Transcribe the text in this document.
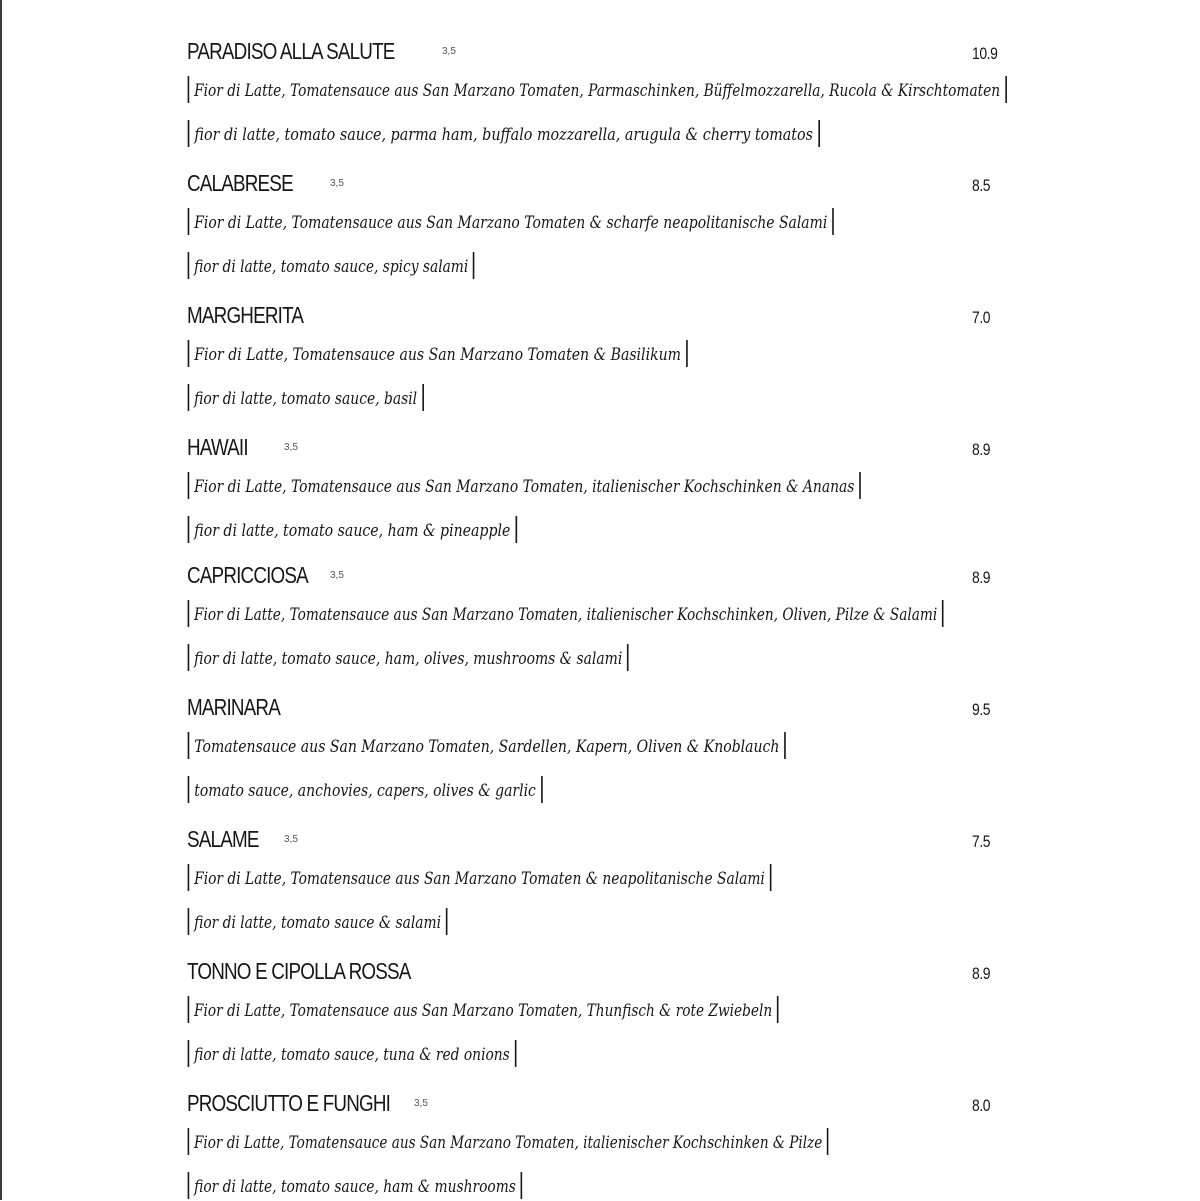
PARADISO ALLA SALUTE	3,5	10.9
Fior di Latte, Tomatensauce aus San Marzano Tomaten, Parmaschinken, Büffelmozzarella, Rucola & Kirschtomaten
fior di latte, tomato sauce, parma ham, buffalo mozzarella, arugula & cherry tomatos
CALABRESE	3,5	8.5
Fior di Latte, Tomatensauce aus San Marzano Tomaten & scharfe neapolitanische Salami
fior di latte, tomato sauce, spicy salami
MARGHERITA	7.0
Fior di Latte, Tomatensauce aus San Marzano Tomaten & Basilikum
fior di latte, tomato sauce, basil
HAWAII	3,5	8.9
Fior di Latte, Tomatensauce aus San Marzano Tomaten, italienischer Kochschinken & Ananas
fior di latte, tomato sauce, ham & pineapple
CAPRICCIOSA 3,5	8.9
Fior di Latte, Tomatensauce aus San Marzano Tomaten, italienischer Kochschinken, Oliven, Pilze & Salami
fior di latte, tomato sauce, ham, olives, mushrooms & salami
MARINARA	9.5
Tomatensauce aus San Marzano Tomaten, Sardellen, Kapern, Oliven & Knoblauch
tomato sauce, anchovies, capers, olives & garlic
SALAME	3,5	7.5
Fior di Latte, Tomatensauce aus San Marzano Tomaten & neapolitanische Salami
fior di latte, tomato sauce & salami
TONNO E CIPOLLA ROSSA	8.9
Fior di Latte, Tomatensauce aus San Marzano Tomaten, Thunfisch & rote Zwiebeln
fior di latte, tomato sauce, tuna & red onions
PROSCIUTTO E FUNGHI 3,5	8.0
Fior di Latte, Tomatensauce aus San Marzano Tomaten, italienischer Kochschinken & Pilze
fior di latte, tomato sauce, ham & mushrooms
